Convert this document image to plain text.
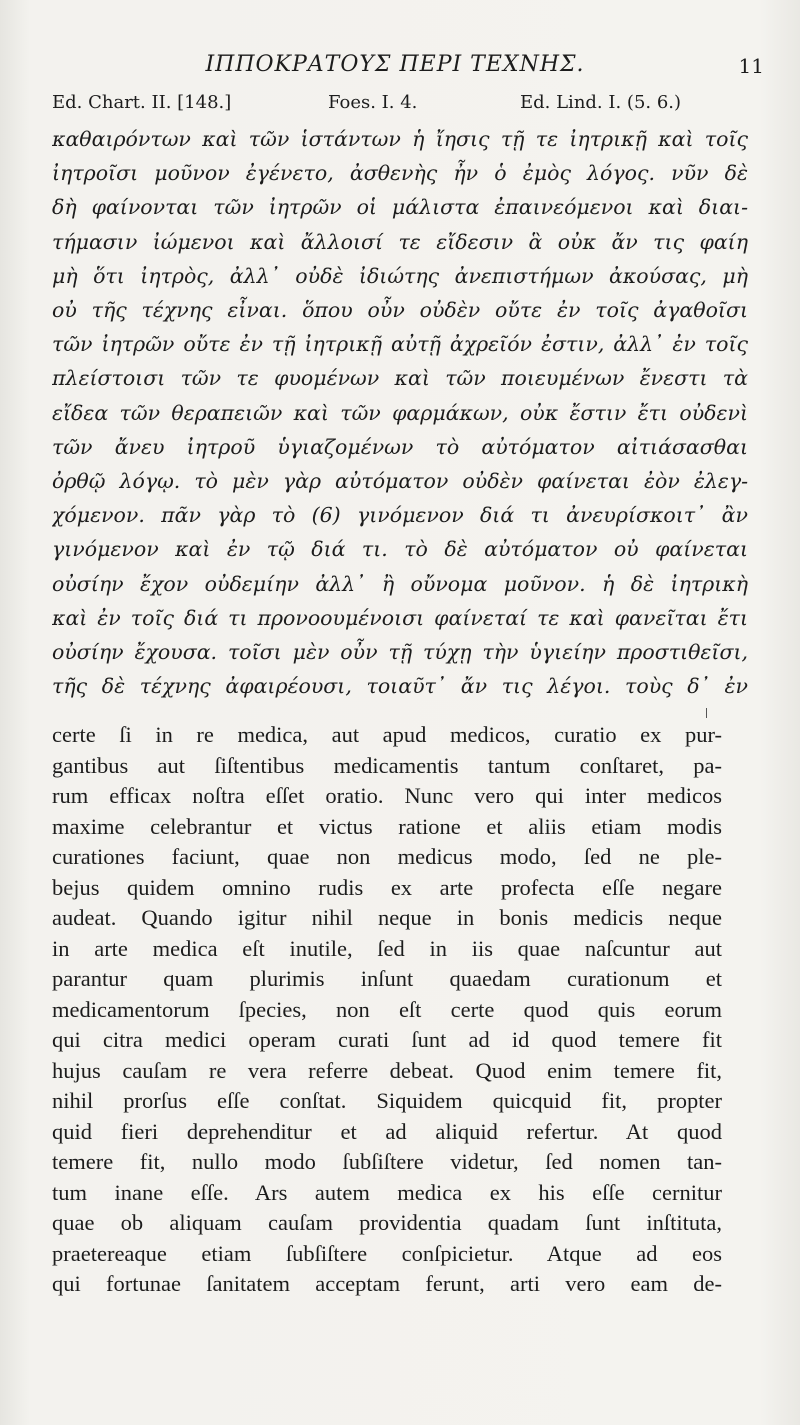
ΙΠΠΟΚΡΑΤΟΥΣ ΠΕΡΙ ΤΕΧΝΗΣ.	11
Ed. Chart. II. [148.]	Foes. I. 4.	Ed. Lind. I. (5. 6.)
καθαιρόντων καὶ τῶν ἱστάντων ἡ ἴησις τῇ τε ἰητρικῇ καὶ τοῖς
ἰητροῖσι μοῦνον ἐγένετο, ἀσθενὴς ἦν ὁ ἐμὸς λόγος. νῦν δὲ
δὴ φαίνονται τῶν ἰητρῶν οἱ μάλιστα ἐπαινεόμενοι καὶ διαι-
τήμασιν ἰώμενοι καὶ ἄλλοισί τε εἴδεσιν ἃ οὐκ ἄν τις φαίη
μὴ ὅτι ἰητρὸς, ἀλλ᾽ οὐδὲ ἰδιώτης ἀνεπιστήμων ἀκούσας, μὴ
οὐ τῆς τέχνης εἶναι. ὅπου οὖν οὐδὲν οὔτε ἐν τοῖς ἀγαθοῖσι
τῶν ἰητρῶν οὔτε ἐν τῇ ἰητρικῇ αὐτῇ ἀχρεῖόν ἐστιν, ἀλλ᾽ ἐν τοῖς
πλείστοισι τῶν τε φυομένων καὶ τῶν ποιευμένων ἔνεστι τὰ
εἴδεα τῶν θεραπειῶν καὶ τῶν φαρμάκων, οὐκ ἔστιν ἔτι οὐδενὶ
τῶν ἄνευ ἰητροῦ ὑγιαζομένων τὸ αὐτόματον αἰτιάσασθαι
ὀρθῷ λόγῳ. τὸ μὲν γὰρ αὐτόματον οὐδὲν φαίνεται ἐὸν ἐλεγ-
χόμενον. πᾶν γὰρ τὸ (6) γινόμενον διά τι ἀνευρίσκοιτ᾽ ἂν
γινόμενον καὶ ἐν τῷ διά τι. τὸ δὲ αὐτόματον οὐ φαίνεται
οὐσίην ἔχον οὐδεμίην ἀλλ᾽ ἢ οὔνομα μοῦνον. ἡ δὲ ἰητρικὴ
καὶ ἐν τοῖς διά τι προνοουμένοισι φαίνεταί τε καὶ φανεῖται ἔτι
οὐσίην ἔχουσα. τοῖσι μὲν οὖν τῇ τύχῃ τὴν ὑγιείην προστιθεῖσι,
τῆς δὲ τέχνης ἀφαιρέουσι, τοιαῦτ᾽ ἄν τις λέγοι. τοὺς δ᾽ ἐν
certe ſi in re medica, aut apud medicos, curatio ex pur-
gantibus aut ſiſtentibus medicamentis tantum conſtaret, pa-
rum efficax noſtra eſſet oratio. Nunc vero qui inter medicos
maxime celebrantur et victus ratione et aliis etiam modis
curationes faciunt, quae non medicus modo, ſed ne ple-
bejus quidem omnino rudis ex arte profecta eſſe negare
audeat. Quando igitur nihil neque in bonis medicis neque
in arte medica eſt inutile, ſed in iis quae naſcuntur aut
parantur quam plurimis inſunt quaedam curationum et
medicamentorum ſpecies, non eſt certe quod quis eorum
qui citra medici operam curati ſunt ad id quod temere fit
hujus cauſam re vera referre debeat. Quod enim temere fit,
nihil prorſus eſſe conſtat. Siquidem quicquid fit, propter
quid fieri deprehenditur et ad aliquid refertur. At quod
temere fit, nullo modo ſubſiſtere videtur, ſed nomen tan-
tum inane eſſe. Ars autem medica ex his eſſe cernitur
quae ob aliquam cauſam providentia quadam ſunt inſtituta,
praetereaque etiam ſubſiſtere conſpicietur. Atque ad eos
qui fortunae ſanitatem acceptam ferunt, arti vero eam de-
